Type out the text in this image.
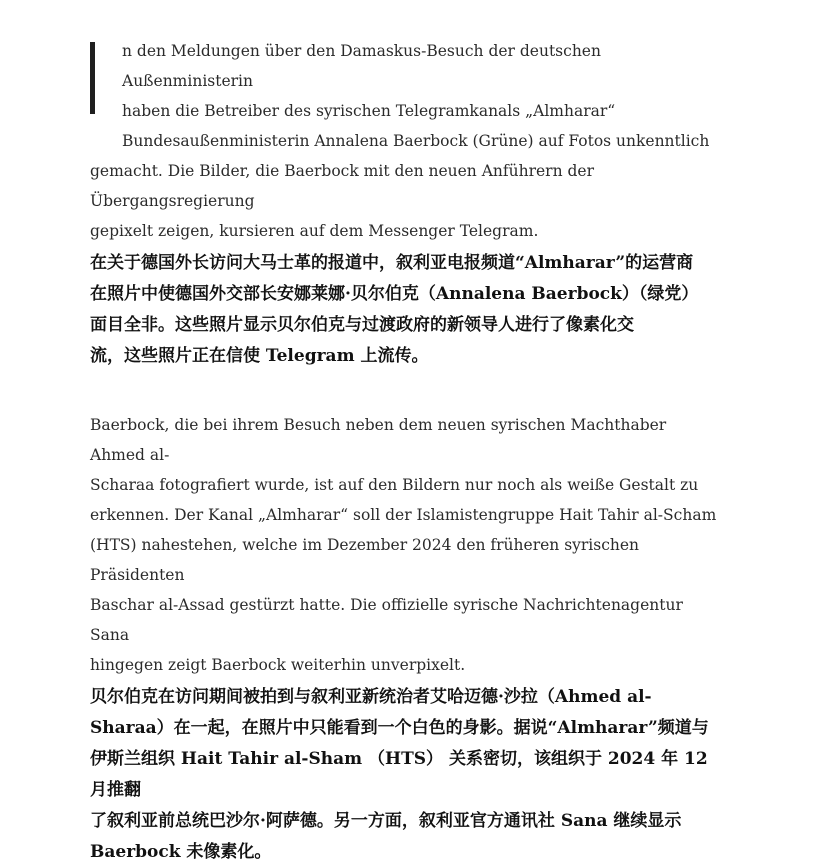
n den Meldungen über den Damaskus-Besuch der deutschen Außenministerin
haben die Betreiber des syrischen Telegramkanals „Almharar“
Bundesaußenministerin Annalena Baerbock (Grüne) auf Fotos unkenntlich
gemacht. Die Bilder, die Baerbock mit den neuen Anführern der Übergangsregierung
gepixelt zeigen, kursieren auf dem Messenger Telegram.

在关于德国外长访问大马士革的报道中，叙利亚电报频道“Almharar”的运营商
在照片中使德国外交部长安娜莱娜·贝尔伯克（Annalena Baerbock）（绿党）
面目全非。这些照片显示贝尔伯克与过渡政府的新领导人进行了像素化交
流，这些照片正在信使 Telegram 上流传。

Baerbock, die bei ihrem Besuch neben dem neuen syrischen Machthaber Ahmed al-
Scharaa fotografiert wurde, ist auf den Bildern nur noch als weiße Gestalt zu
erkennen. Der Kanal „Almharar“ soll der Islamistengruppe Hait Tahir al-Scham
(HTS) nahestehen, welche im Dezember 2024 den früheren syrischen Präsidenten
Baschar al-Assad gestürzt hatte. Die offizielle syrische Nachrichtenagentur Sana
hingegen zeigt Baerbock weiterhin unverpixelt.

贝尔伯克在访问期间被拍到与叙利亚新统治者艾哈迈德·沙拉（Ahmed al-
Sharaa）在一起，在照片中只能看到一个白色的身影。据说“Almharar”频道与
伊斯兰组织 Hait Tahir al-Sham （HTS） 关系密切，该组织于 2024 年 12 月推翻
了叙利亚前总统巴沙尔·阿萨德。另一方面，叙利亚官方通讯社 Sana 继续显示
Baerbock 未像素化。
